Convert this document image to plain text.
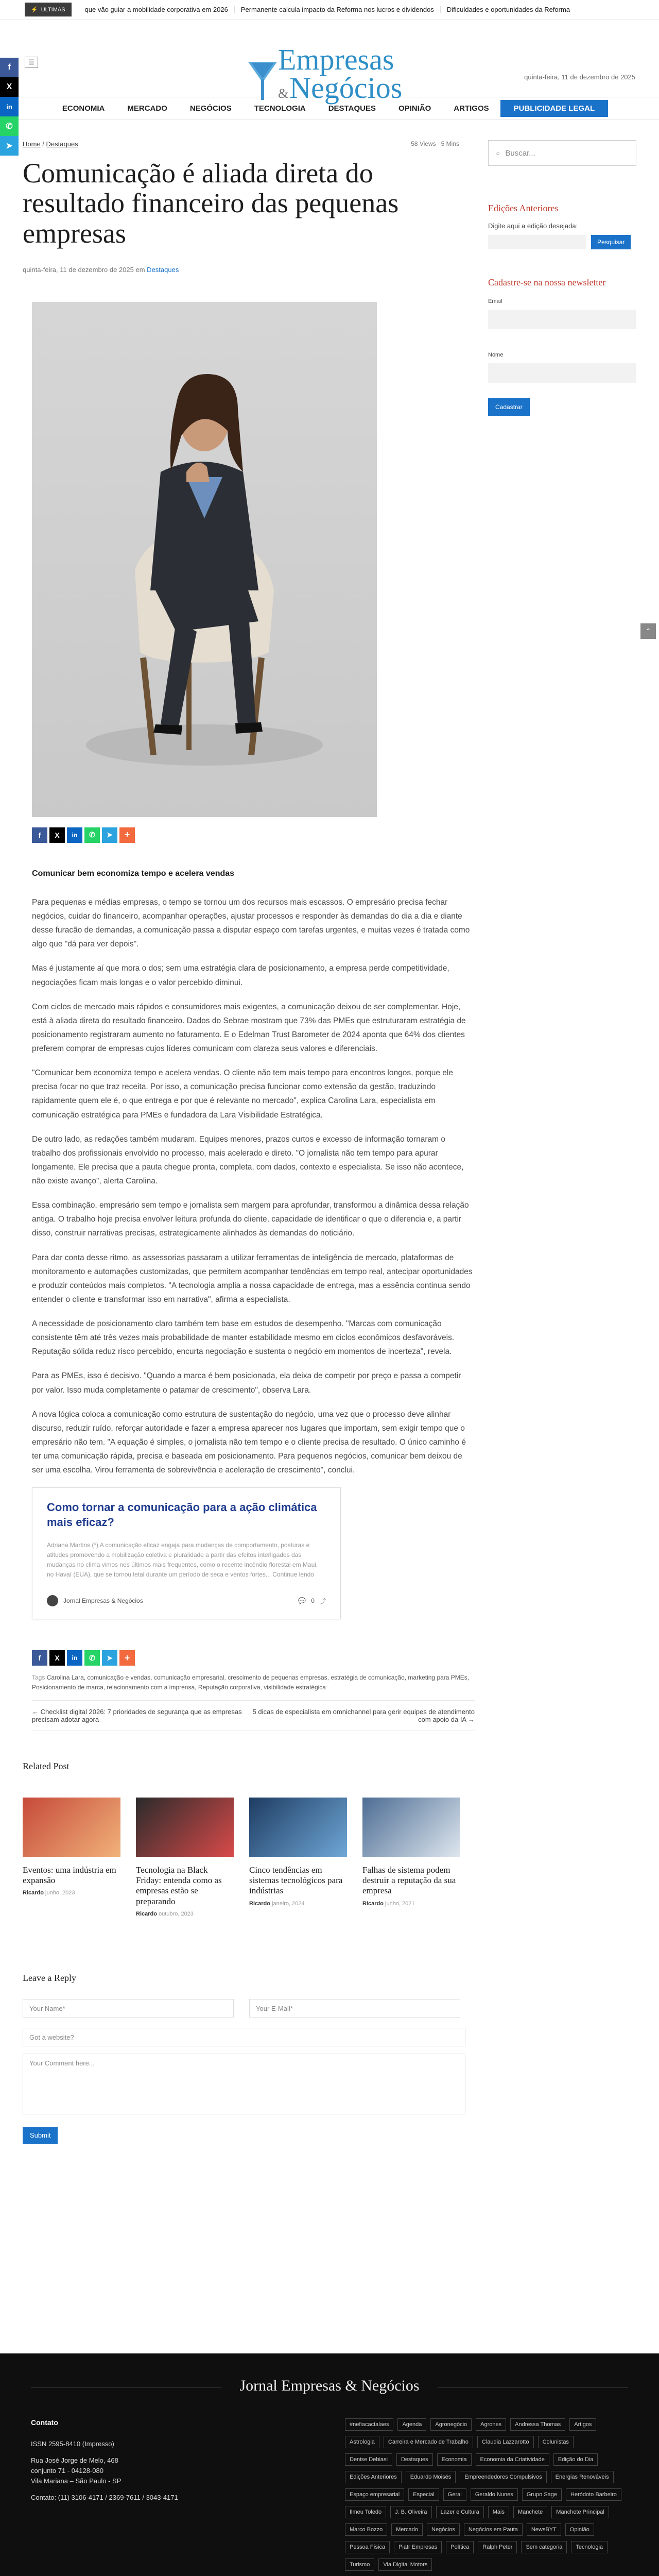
⚡ ULTIMAS	que vão guiar a mobilidade corporativa em 2026	Permanente calcula impacto da Reforma nos lucros e dividendos	Dificuldades e oportunidades da Reforma
f
X
in
✆
➤
☰	Empresas
&Negócios	quinta-feira, 11 de dezembro de 2025
ECONOMIA	MERCADO	NEGÓCIOS	TECNOLOGIA	DESTAQUES	OPINIÃO	ARTIGOS	PUBLICIDADE LEGAL
Home / Destaques	58 Views 5 Mins
Comunicação é aliada direta do resultado financeiro das pequenas empresas
quinta-feira, 11 de dezembro de 2025 em Destaques
f	X	in	✆	➤	+
Comunicar bem economiza tempo e acelera vendas

Para pequenas e médias empresas, o tempo se tornou um dos recursos mais escassos. O empresário precisa fechar negócios, cuidar do financeiro, acompanhar operações, ajustar processos e responder às demandas do dia a dia e diante desse furacão de demandas, a comunicação passa a disputar espaço com tarefas urgentes, e muitas vezes é tratada como algo que "dá para ver depois".

Mas é justamente aí que mora o dos; sem uma estratégia clara de posicionamento, a empresa perde competitividade, negociações ficam mais longas e o valor percebido diminui.

Com ciclos de mercado mais rápidos e consumidores mais exigentes, a comunicação deixou de ser complementar. Hoje, está à aliada direta do resultado financeiro. Dados do Sebrae mostram que 73% das PMEs que estruturaram estratégia de posicionamento registraram aumento no faturamento. E o Edelman Trust Barometer de 2024 aponta que 64% dos clientes preferem comprar de empresas cujos líderes comunicam com clareza seus valores e diferenciais.

"Comunicar bem economiza tempo e acelera vendas. O cliente não tem mais tempo para encontros longos, porque ele precisa focar no que traz receita. Por isso, a comunicação precisa funcionar como extensão da gestão, traduzindo rapidamente quem ele é, o que entrega e por que é relevante no mercado", explica Carolina Lara, especialista em comunicação estratégica para PMEs e fundadora da Lara Visibilidade Estratégica.

De outro lado, as redações também mudaram. Equipes menores, prazos curtos e excesso de informação tornaram o trabalho dos profissionais envolvido no processo, mais acelerado e direto. "O jornalista não tem tempo para apurar longamente. Ele precisa que a pauta chegue pronta, completa, com dados, contexto e especialista. Se isso não acontece, não existe avanço", alerta Carolina.

Essa combinação, empresário sem tempo e jornalista sem margem para aprofundar, transformou a dinâmica dessa relação antiga. O trabalho hoje precisa envolver leitura profunda do cliente, capacidade de identificar o que o diferencia e, a partir disso, construir narrativas precisas, estrategicamente alinhados às demandas do noticiário.

Para dar conta desse ritmo, as assessorias passaram a utilizar ferramentas de inteligência de mercado, plataformas de monitoramento e automações customizadas, que permitem acompanhar tendências em tempo real, antecipar oportunidades e produzir conteúdos mais completos. "A tecnologia amplia a nossa capacidade de entrega, mas a essência continua sendo entender o cliente e transformar isso em narrativa", afirma a especialista.

A necessidade de posicionamento claro também tem base em estudos de desempenho. "Marcas com comunicação consistente têm até três vezes mais probabilidade de manter estabilidade mesmo em ciclos econômicos desfavoráveis. Reputação sólida reduz risco percebido, encurta negociação e sustenta o negócio em momentos de incerteza", revela.

Para as PMEs, isso é decisivo. "Quando a marca é bem posicionada, ela deixa de competir por preço e passa a competir por valor. Isso muda completamente o patamar de crescimento", observa Lara.

A nova lógica coloca a comunicação como estrutura de sustentação do negócio, uma vez que o processo deve alinhar discurso, reduzir ruído, reforçar autoridade e fazer a empresa aparecer nos lugares que importam, sem exigir tempo que o empresário não tem. "A equação é simples, o jornalista não tem tempo e o cliente precisa de resultado. O único caminho é ter uma comunicação rápida, precisa e baseada em posicionamento. Para pequenos negócios, comunicar bem deixou de ser uma escolha. Virou ferramenta de sobrevivência e aceleração de crescimento", conclui.

Como tornar a comunicação para a ação climática mais eficaz?
Adriana Martins (*) A comunicação eficaz engaja para mudanças de comportamento, posturas e atitudes promovendo a mobilização coletiva e pluralidade a partir das efeitos interligados das mudanças no clima vimos nos últimos mais frequentes, como o recente incêndio florestal em Maui, no Havaí (EUA), que se tornou letal durante um período de seca e ventos fortes... Continue lendo
Jornal Empresas & Negócios	💬 0 ⤴
f	X	in	✆	➤	+
Tags Carolina Lara, comunicação e vendas, comunicação empresarial, crescimento de pequenas empresas, estratégia de comunicação, marketing para PMEs, Posicionamento de marca, relacionamento com a imprensa, Reputação corporativa, visibilidade estratégica
← Checklist digital 2026: 7 prioridades de segurança que as empresas precisam adotar agora
5 dicas de especialista em omnichannel para gerir equipes de atendimento com apoio da IA →
Related Post
Eventos: uma indústria em expansão
Ricardo junho, 2023
Tecnologia na Black Friday: entenda como as empresas estão se preparando
Ricardo outubro, 2023
Cinco tendências em sistemas tecnológicos para indústrias
Ricardo janeiro, 2024
Falhas de sistema podem destruir a reputação da sua empresa
Ricardo junho, 2021
Leave a Reply
Your Name*	Your E-Mail*
Got a website?
Your Comment here...
Submit
⌕ Buscar...
Edições Anteriores
Digite aqui a edição desejada:
Pesquisar
Cadastre-se na nossa newsletter
Email
Nome
Cadastrar
⌃
Jornal Empresas & Negócios
Contato

ISSN 2595-8410 (Impresso)

Rua José Jorge de Melo, 468
conjunto 71 - 04128-080
Vila Mariana – São Paulo - SP

Contato: (11) 3106-4171 / 2369-7611 / 3043-4171

#nefiacactalaes	Agenda	Agronegócio	Agrones	Andressa Thomas	Artigos
Astrologia	Carreira e Mercado de Trabalho	Claudia Lazzarotto	Colunistas
Denise Debiasi	Destaques	Economia	Economia da Criatividade	Edição do Dia
Edições Anteriores	Eduardo Moisés	Empreendedores Compulsivos	Energias Renováveis
Espaço empresarial	Especial	Geral	Geraldo Nunes	Grupo Sage	Heródoto Barbeiro
Ilmeu Toledo	J. B. Oliveira	Lazer e Cultura	Mais	Manchete	Manchete Principal
Marco Bozzo	Mercado	Negócios	Negócios em Pauta	NewsBYT	Opinião
Pessoa Física	Piatr Empresas	Política	Ralph Peter	Sem categoria	Tecnologia
Turismo	Via Digital Motors
